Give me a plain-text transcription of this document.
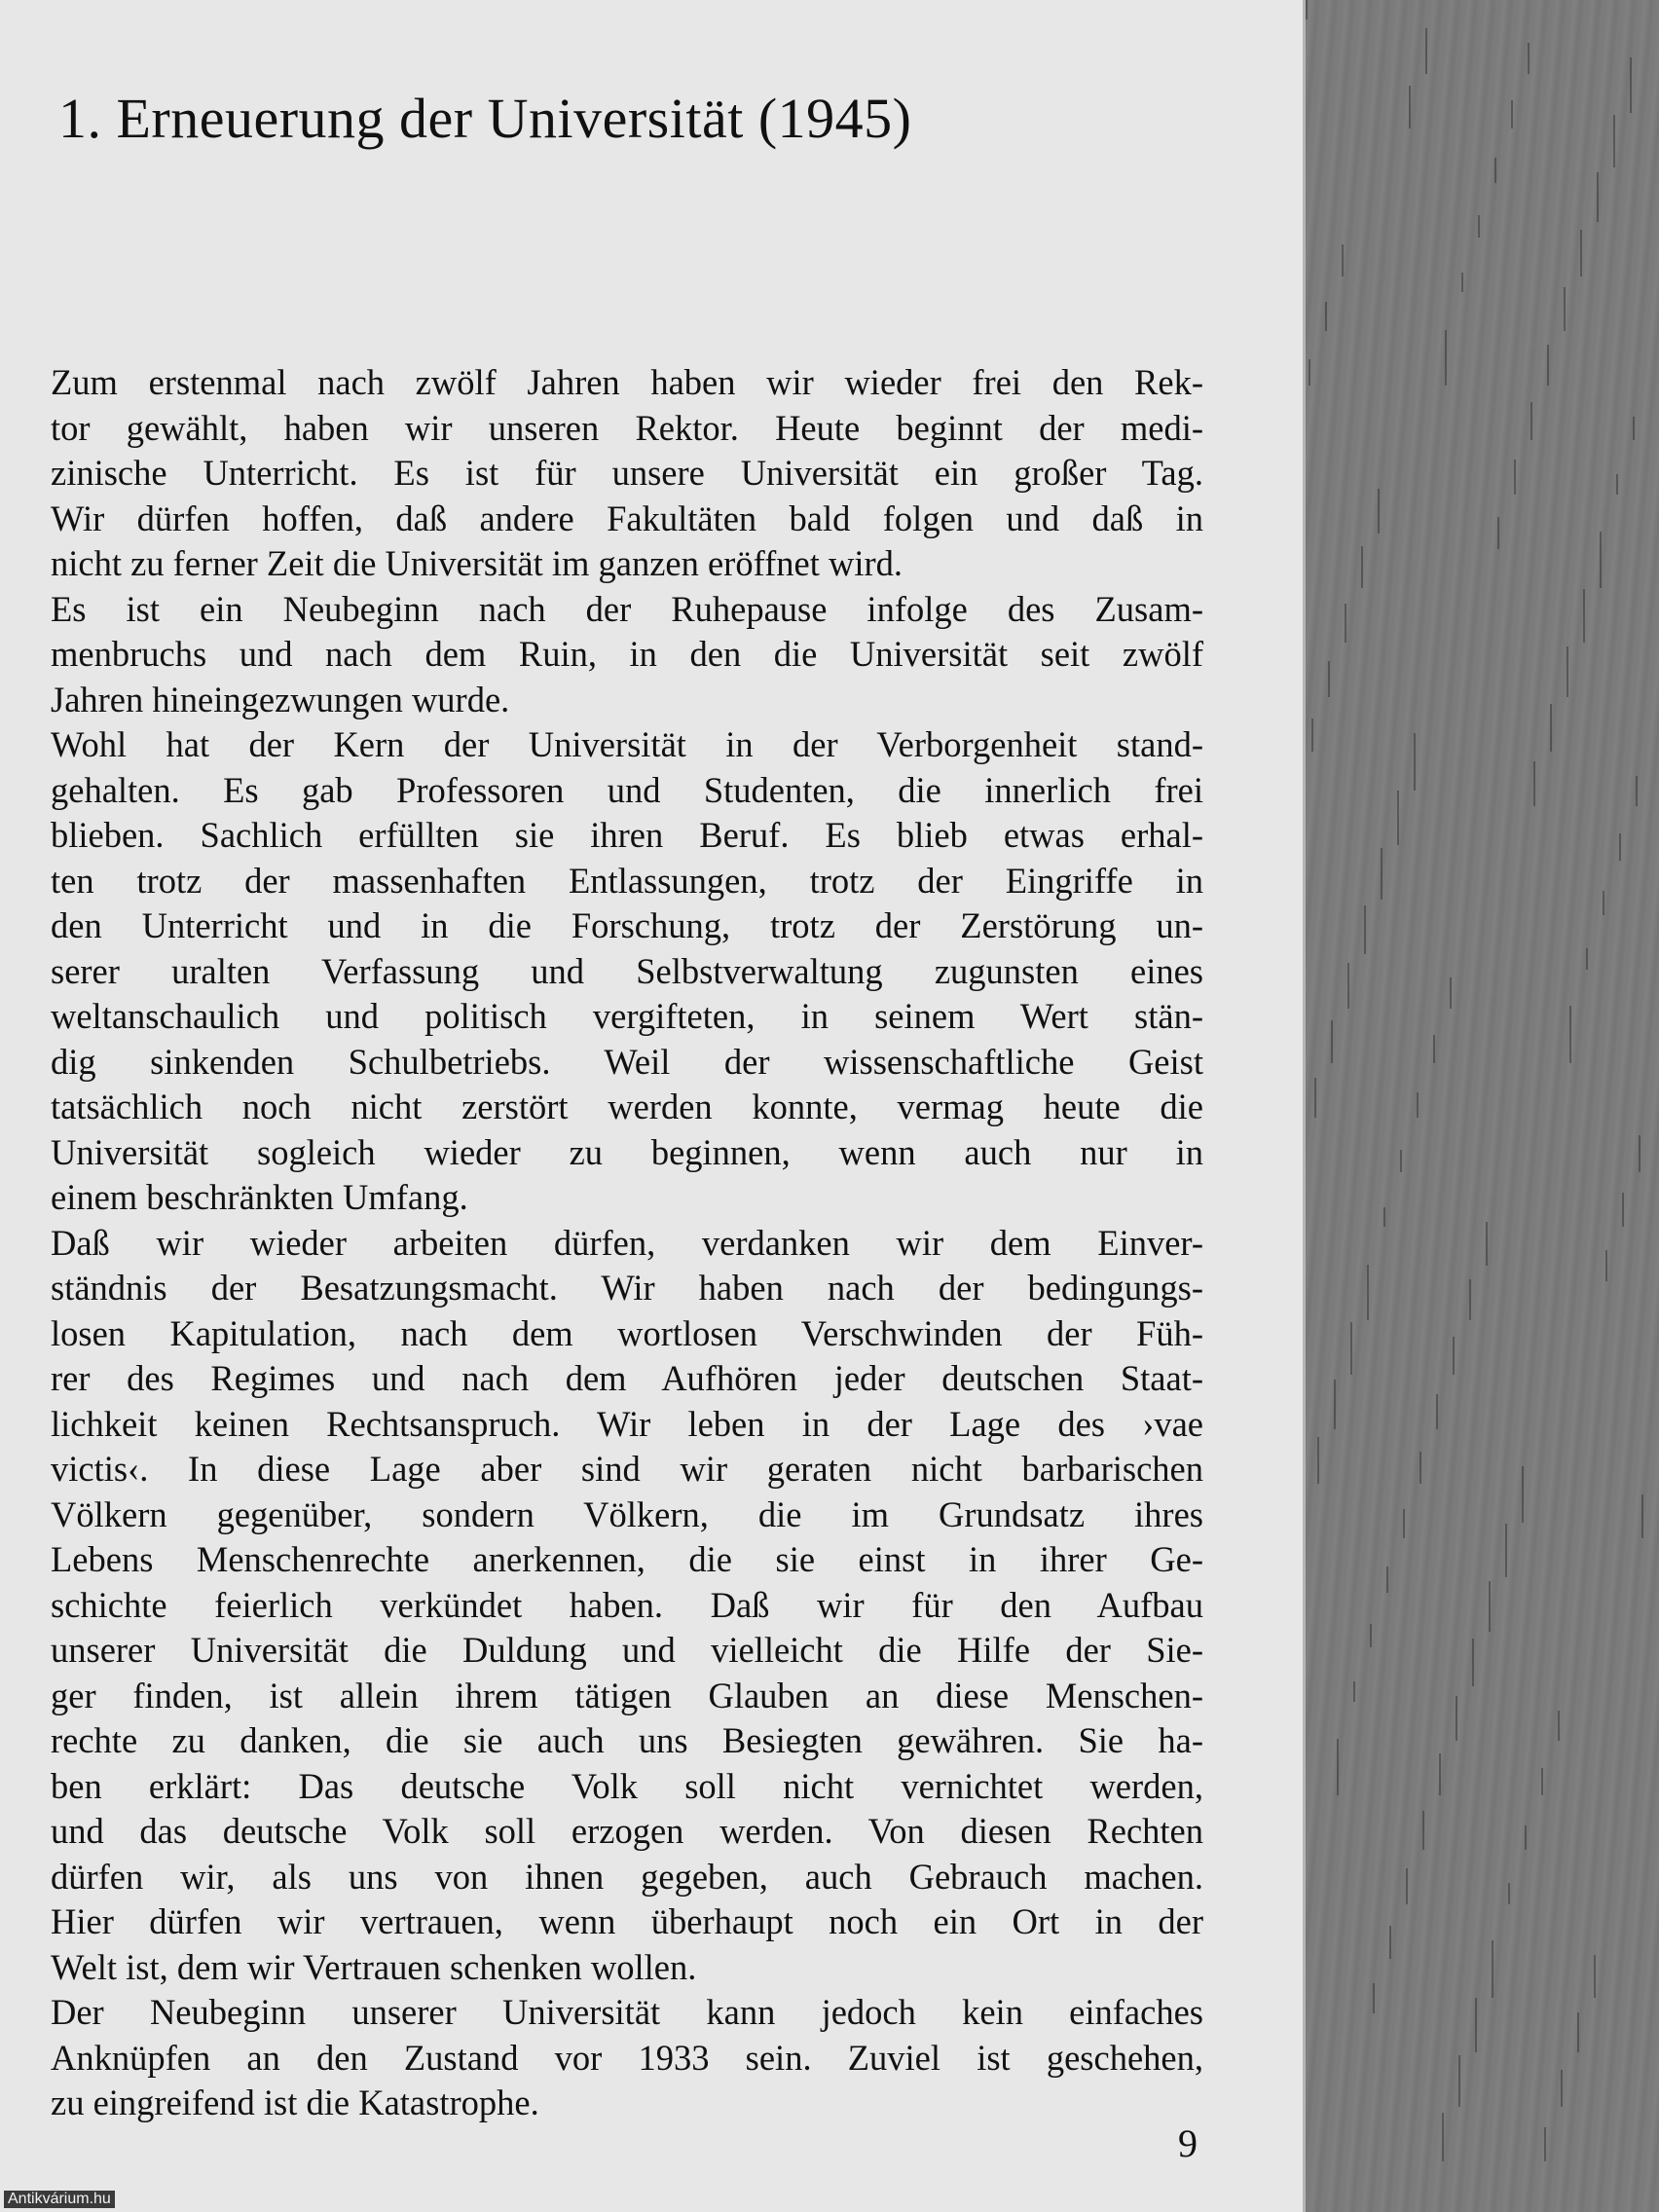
1. Erneuerung der Universität (1945)
Zum erstenmal nach zwölf Jahren haben wir wieder frei den Rek-
tor gewählt, haben wir unseren Rektor. Heute beginnt der medi-
zinische Unterricht. Es ist für unsere Universität ein großer Tag.
Wir dürfen hoffen, daß andere Fakultäten bald folgen und daß in
nicht zu ferner Zeit die Universität im ganzen eröffnet wird.
Es ist ein Neubeginn nach der Ruhepause infolge des Zusam-
menbruchs und nach dem Ruin, in den die Universität seit zwölf
Jahren hineingezwungen wurde.
Wohl hat der Kern der Universität in der Verborgenheit stand-
gehalten. Es gab Professoren und Studenten, die innerlich frei
blieben. Sachlich erfüllten sie ihren Beruf. Es blieb etwas erhal-
ten trotz der massenhaften Entlassungen, trotz der Eingriffe in
den Unterricht und in die Forschung, trotz der Zerstörung un-
serer uralten Verfassung und Selbstverwaltung zugunsten eines
weltanschaulich und politisch vergifteten, in seinem Wert stän-
dig sinkenden Schulbetriebs. Weil der wissenschaftliche Geist
tatsächlich noch nicht zerstört werden konnte, vermag heute die
Universität sogleich wieder zu beginnen, wenn auch nur in
einem beschränkten Umfang.
Daß wir wieder arbeiten dürfen, verdanken wir dem Einver-
ständnis der Besatzungsmacht. Wir haben nach der bedingungs-
losen Kapitulation, nach dem wortlosen Verschwinden der Füh-
rer des Regimes und nach dem Aufhören jeder deutschen Staat-
lichkeit keinen Rechtsanspruch. Wir leben in der Lage des ›vae
victis‹. In diese Lage aber sind wir geraten nicht barbarischen
Völkern gegenüber, sondern Völkern, die im Grundsatz ihres
Lebens Menschenrechte anerkennen, die sie einst in ihrer Ge-
schichte feierlich verkündet haben. Daß wir für den Aufbau
unserer Universität die Duldung und vielleicht die Hilfe der Sie-
ger finden, ist allein ihrem tätigen Glauben an diese Menschen-
rechte zu danken, die sie auch uns Besiegten gewähren. Sie ha-
ben erklärt: Das deutsche Volk soll nicht vernichtet werden,
und das deutsche Volk soll erzogen werden. Von diesen Rechten
dürfen wir, als uns von ihnen gegeben, auch Gebrauch machen.
Hier dürfen wir vertrauen, wenn überhaupt noch ein Ort in der
Welt ist, dem wir Vertrauen schenken wollen.
Der Neubeginn unserer Universität kann jedoch kein einfaches
Anknüpfen an den Zustand vor 1933 sein. Zuviel ist geschehen,
zu eingreifend ist die Katastrophe.
9
Antikvárium.hu
